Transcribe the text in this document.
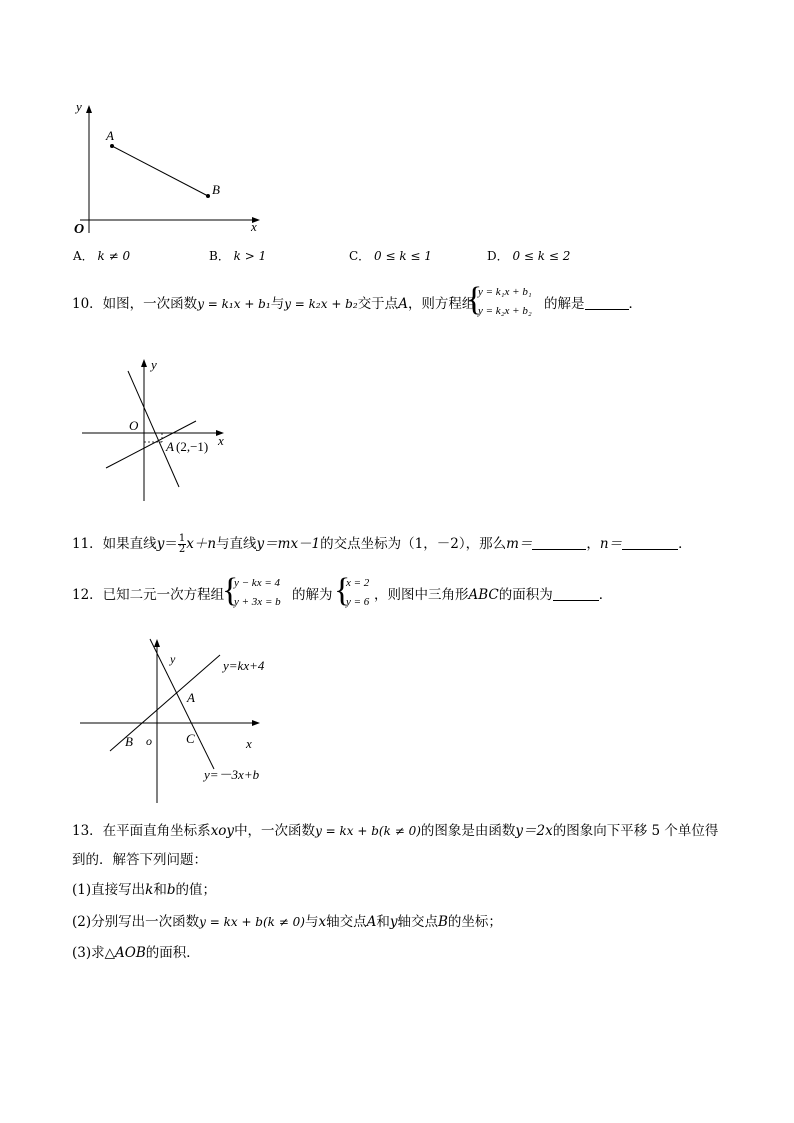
y
x
O
A
B
A． k ≠ 0	B． k > 1	C． 0 ≤ k ≤ 1	D． 0 ≤ k ≤ 2
10．如图，一次函数y = k₁x + b₁与y = k₂x + b₂交于点A，则方程组
{
y = k₁x + b₁
y = k₂x + b₂ 的解是	．
y
x
O
A (2,−1)
11．如果直线$y= \frac{1}{2} x+n$与直线y＝mx－1的交点坐标为（1，－2），那么m＝	，n＝	．
12．已知二元一次方程组
{
y − kx = 4
y + 3x = b 的解为 {
x = 2
y = 6 ，则图中三角形ABC的面积为	．
y
x
o
y=kx+4
y=－3x+b
A
B	C
13．在平面直角坐标系xoy中，一次函数y = kx + b(k ≠ 0)的图象是由函数y＝2x的图象向下平移 5 个单位得
到的．解答下列问题：
(1)直接写出k和b的值；
(2)分别写出一次函数y = kx + b(k ≠ 0)与x轴交点A和y轴交点B的坐标；
(3)求△AOB的面积．
